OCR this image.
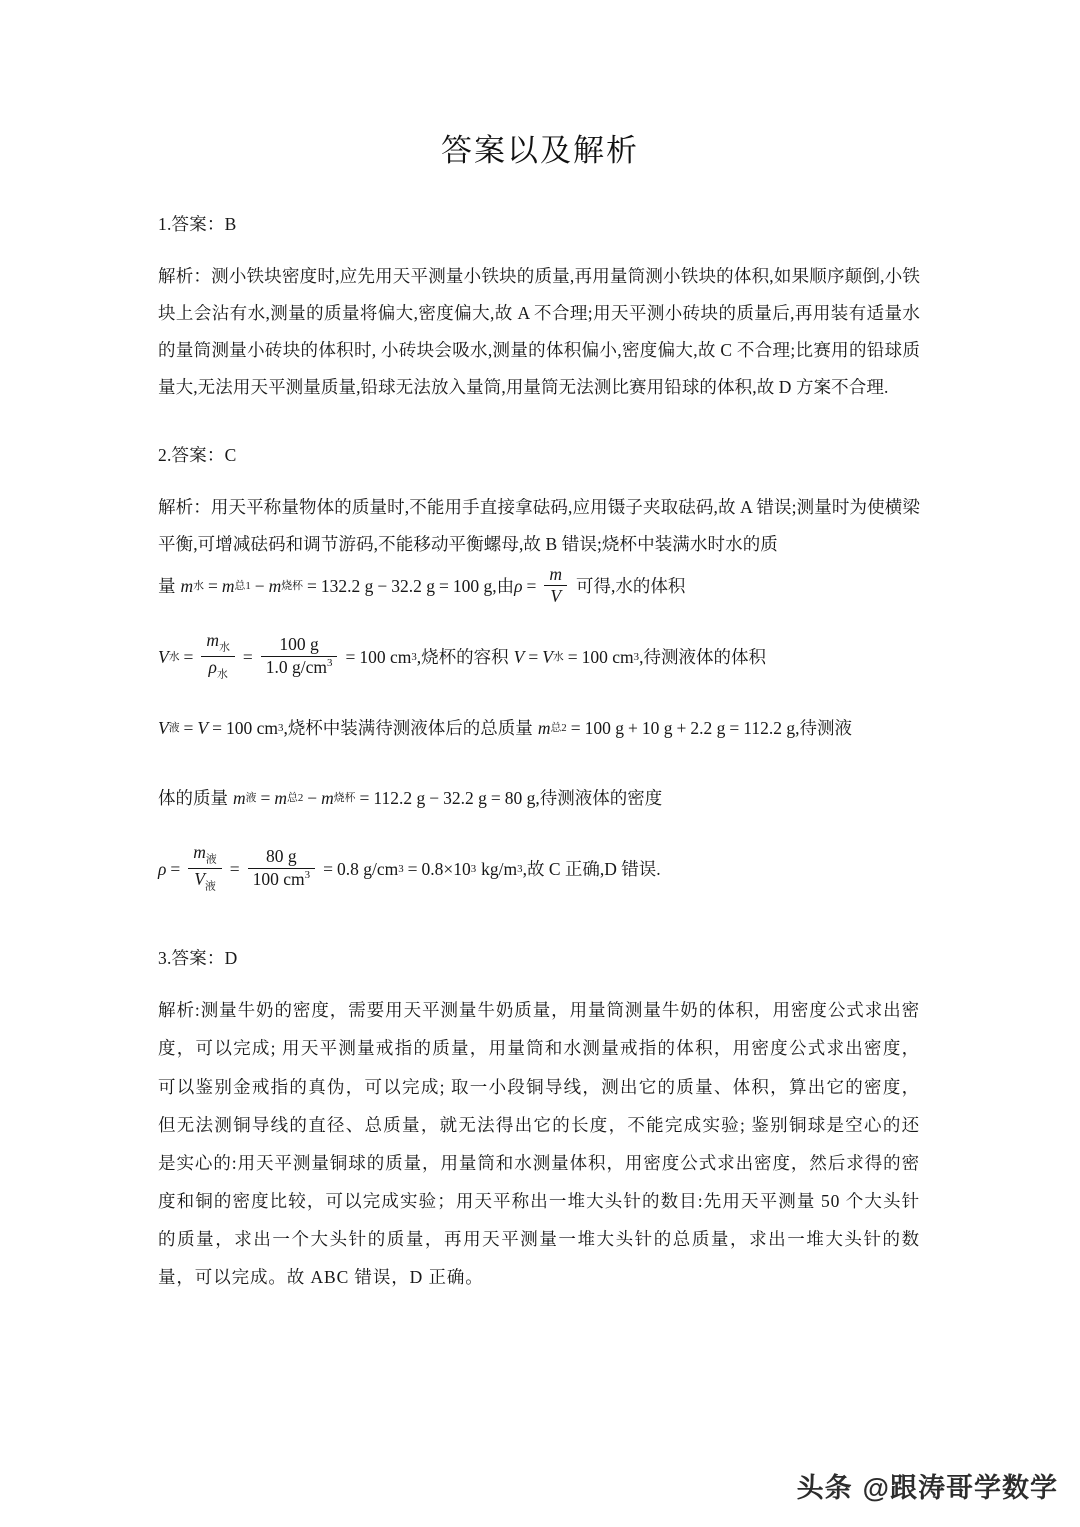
答案以及解析

1.答案：B

解析：测小铁块密度时,应先用天平测量小铁块的质量,再用量筒测小铁块的体积,如果顺序颠倒,小铁块上会沾有水,测量的质量将偏大,密度偏大,故 A 不合理;用天平测小砖块的质量后,再用装有适量水的量筒测量小砖块的体积时, 小砖块会吸水,测量的体积偏小,密度偏大,故 C 不合理;比赛用的铅球质量大,无法用天平测量质量,铅球无法放入量筒,用量筒无法测比赛用铅球的体积,故 D 方案不合理.

2.答案：C

解析：用天平称量物体的质量时,不能用手直接拿砝码,应用镊子夹取砝码,故 A 错误;测量时为使横梁平衡,可增减砝码和调节游码,不能移动平衡螺母,故 B 错误;烧杯中装满水时水的质

量 m 水 = m 总1 − m 烧杯 = 132.2 g − 32.2 g = 100 g , 由 $\rho = \frac{m}{V}$ 可得,水的体积
V 水 = $\frac{m_水}{\rho_水} = \frac{100 g}{1.0 g/cm^3} = 100$ cm 3 ,烧杯的容积 V = V 水 = 100 cm 3 ,待测液体的体积
V 液 = V = 100 cm 3 ,烧杯中装满待测液体后的总质量 m 总2 = 100 g + 10 g + 2.2 g = 112.2 g ,待测液
体的质量 m 液 = m 总2 − m 烧杯 = 112.2 g − 32.2 g = 80 g ,待测液体的密度
$\rho = \frac{m_液}{V_液} = \frac{80 g}{100 cm^3} = 0.8$ g/cm 3 = 0.8×10 3 kg/m 3 ,故 C 正确,D 错误.

3.答案：D

解析:测量牛奶的密度，需要用天平测量牛奶质量，用量筒测量牛奶的体积，用密度公式求出密度，可以完成; 用天平测量戒指的质量，用量筒和水测量戒指的体积，用密度公式求出密度，可以鉴别金戒指的真伪，可以完成; 取一小段铜导线，测出它的质量、体积，算出它的密度，但无法测铜导线的直径、总质量，就无法得出它的长度，不能完成实验; 鉴别铜球是空心的还是实心的:用天平测量铜球的质量，用量筒和水测量体积，用密度公式求出密度，然后求得的密度和铜的密度比较，可以完成实验；用天平称出一堆大头针的数目:先用天平测量 50 个大头针的质量，求出一个大头针的质量，再用天平测量一堆大头针的总质量，求出一堆大头针的数量，可以完成。故 ABC 错误，D 正确。

头条 @跟涛哥学数学
